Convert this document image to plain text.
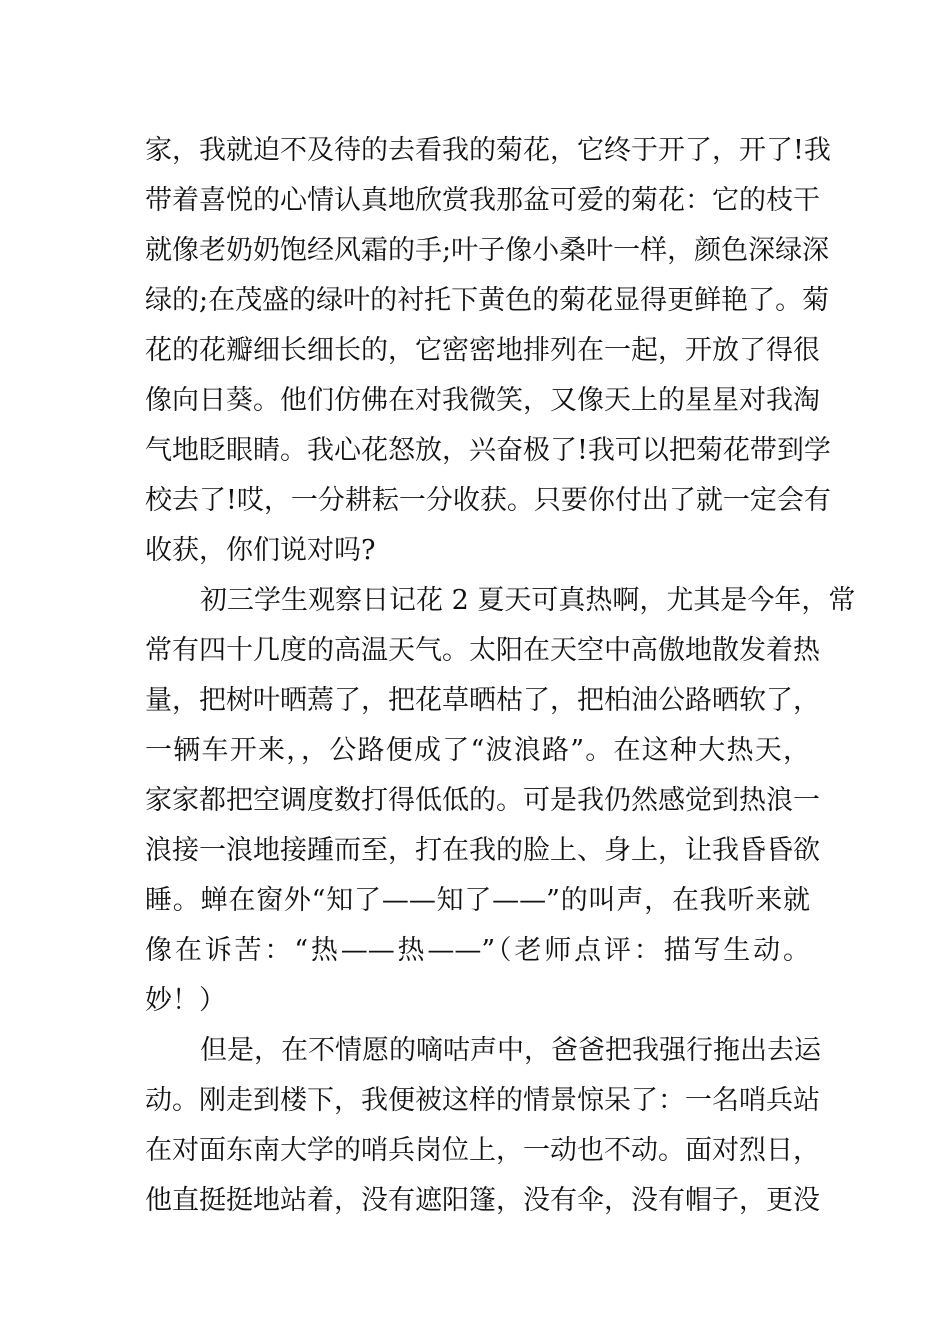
家，我就迫不及待的去看我的菊花，它终于开了，开了!我
带着喜悦的心情认真地欣赏我那盆可爱的菊花：它的枝干
就像老奶奶饱经风霜的手;叶子像小桑叶一样，颜色深绿深
绿的;在茂盛的绿叶的衬托下黄色的菊花显得更鲜艳了。菊
花的花瓣细长细长的，它密密地排列在一起，开放了得很
像向日葵。他们仿佛在对我微笑，又像天上的星星对我淘
气地眨眼睛。我心花怒放，兴奋极了!我可以把菊花带到学
校去了!哎，一分耕耘一分收获。只要你付出了就一定会有
收获，你们说对吗?
初三学生观察日记花 2 夏天可真热啊，尤其是今年，常
常有四十几度的高温天气。太阳在天空中高傲地散发着热
量，把树叶晒蔫了，把花草晒枯了，把柏油公路晒软了，
一辆车开来，，公路便成了“波浪路”。在这种大热天，
家家都把空调度数打得低低的。可是我仍然感觉到热浪一
浪接一浪地接踵而至，打在我的脸上、身上，让我昏昏欲
睡。蝉在窗外“知了——知了——”的叫声，在我听来就
像在诉苦：“热——热——”（老师点评：描写生动。
妙！）
但是，在不情愿的嘀咕声中，爸爸把我强行拖出去运
动。刚走到楼下，我便被这样的情景惊呆了：一名哨兵站
在对面东南大学的哨兵岗位上，一动也不动。面对烈日，
他直挺挺地站着，没有遮阳篷，没有伞，没有帽子，更没
